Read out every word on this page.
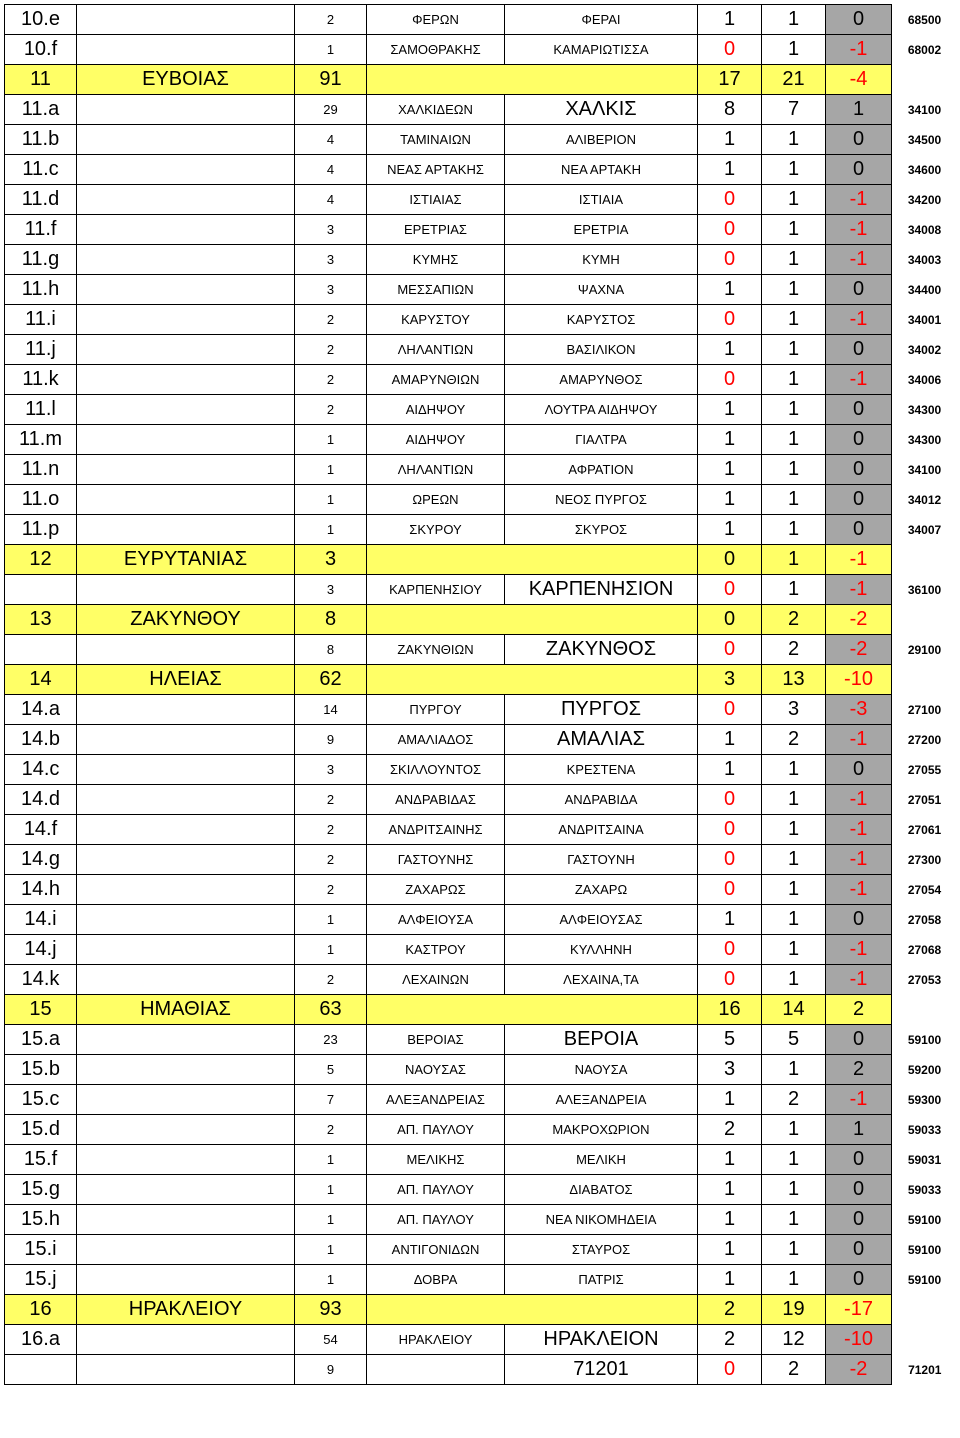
10.e		2	ΦΕΡΩΝ	ΦΕΡΑΙ	1	1	0	68500
10.f		1	ΣΑΜΟΘΡΑΚΗΣ	ΚΑΜΑΡΙΩΤΙΣΣΑ	0	1	-1	68002
11	ΕΥΒΟΙΑΣ	91			17	21	-4	
11.a		29	ΧΑΛΚΙΔΕΩΝ	ΧΑΛΚΙΣ	8	7	1	34100
11.b		4	ΤΑΜΙΝΑΙΩΝ	ΑΛΙΒΕΡΙΟΝ	1	1	0	34500
11.c		4	ΝΕΑΣ ΑΡΤΑΚΗΣ	ΝΕΑ ΑΡΤΑΚΗ	1	1	0	34600
11.d		4	ΙΣΤΙΑΙΑΣ	ΙΣΤΙΑΙΑ	0	1	-1	34200
11.f		3	ΕΡΕΤΡΙΑΣ	ΕΡΕΤΡΙΑ	0	1	-1	34008
11.g		3	ΚΥΜΗΣ	ΚΥΜΗ	0	1	-1	34003
11.h		3	ΜΕΣΣΑΠΙΩΝ	ΨΑΧΝΑ	1	1	0	34400
11.i		2	ΚΑΡΥΣΤΟΥ	ΚΑΡΥΣΤΟΣ	0	1	-1	34001
11.j		2	ΛΗΛΑΝΤΙΩΝ	ΒΑΣΙΛΙΚΟΝ	1	1	0	34002
11.k		2	ΑΜΑΡΥΝΘΙΩΝ	ΑΜΑΡΥΝΘΟΣ	0	1	-1	34006
11.l		2	ΑΙΔΗΨΟΥ	ΛΟΥΤΡΑ ΑΙΔΗΨΟΥ	1	1	0	34300
11.m		1	ΑΙΔΗΨΟΥ	ΓΙΑΛΤΡΑ	1	1	0	34300
11.n		1	ΛΗΛΑΝΤΙΩΝ	ΑΦΡΑΤΙΟΝ	1	1	0	34100
11.o		1	ΩΡΕΩΝ	ΝΕΟΣ ΠΥΡΓΟΣ	1	1	0	34012
11.p		1	ΣΚΥΡΟΥ	ΣΚΥΡΟΣ	1	1	0	34007
12	ΕΥΡΥΤΑΝΙΑΣ	3			0	1	-1	
		3	ΚΑΡΠΕΝΗΣΙΟΥ	ΚΑΡΠΕΝΗΣΙΟΝ	0	1	-1	36100
13	ΖΑΚΥΝΘΟΥ	8			0	2	-2	
		8	ΖΑΚΥΝΘΙΩΝ	ΖΑΚΥΝΘΟΣ	0	2	-2	29100
14	ΗΛΕΙΑΣ	62			3	13	-10	
14.a		14	ΠΥΡΓΟΥ	ΠΥΡΓΟΣ	0	3	-3	27100
14.b		9	ΑΜΑΛΙΑΔΟΣ	ΑΜΑΛΙΑΣ	1	2	-1	27200
14.c		3	ΣΚΙΛΛΟΥΝΤΟΣ	ΚΡΕΣΤΕΝΑ	1	1	0	27055
14.d		2	ΑΝΔΡΑΒΙΔΑΣ	ΑΝΔΡΑΒΙΔΑ	0	1	-1	27051
14.f		2	ΑΝΔΡΙΤΣΑΙΝΗΣ	ΑΝΔΡΙΤΣΑΙΝΑ	0	1	-1	27061
14.g		2	ΓΑΣΤΟΥΝΗΣ	ΓΑΣΤΟΥΝΗ	0	1	-1	27300
14.h		2	ΖΑΧΑΡΩΣ	ΖΑΧΑΡΩ	0	1	-1	27054
14.i		1	ΑΛΦΕΙΟΥΣΑ	ΑΛΦΕΙΟΥΣΑΣ	1	1	0	27058
14.j		1	ΚΑΣΤΡΟΥ	ΚΥΛΛΗΝΗ	0	1	-1	27068
14.k		2	ΛΕΧΑΙΝΩΝ	ΛΕΧΑΙΝΑ,ΤΑ	0	1	-1	27053
15	ΗΜΑΘΙΑΣ	63			16	14	2	
15.a		23	ΒΕΡΟΙΑΣ	ΒΕΡΟΙΑ	5	5	0	59100
15.b		5	ΝΑΟΥΣΑΣ	ΝΑΟΥΣΑ	3	1	2	59200
15.c		7	ΑΛΕΞΑΝΔΡΕΙΑΣ	ΑΛΕΞΑΝΔΡΕΙΑ	1	2	-1	59300
15.d		2	ΑΠ. ΠΑΥΛΟΥ	ΜΑΚΡΟΧΩΡΙΟΝ	2	1	1	59033
15.f		1	ΜΕΛΙΚΗΣ	ΜΕΛΙΚΗ	1	1	0	59031
15.g		1	ΑΠ. ΠΑΥΛΟΥ	ΔΙΑΒΑΤΟΣ	1	1	0	59033
15.h		1	ΑΠ. ΠΑΥΛΟΥ	ΝΕΑ ΝΙΚΟΜΗΔΕΙΑ	1	1	0	59100
15.i		1	ΑΝΤΙΓΟΝΙΔΩΝ	ΣΤΑΥΡΟΣ	1	1	0	59100
15.j		1	ΔΟΒΡΑ	ΠΑΤΡΙΣ	1	1	0	59100
16	ΗΡΑΚΛΕΙΟΥ	93			2	19	-17	
16.a		54	ΗΡΑΚΛΕΙΟΥ	ΗΡΑΚΛΕΙΟΝ	2	12	-10	
		9		71201	0	2	-2	71201
